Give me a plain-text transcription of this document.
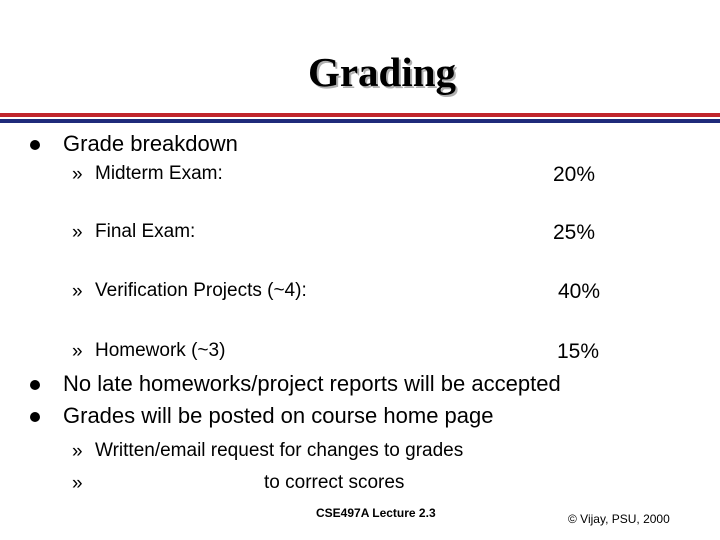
Grading
Grade breakdown
» Midterm Exam:	20%
» Final Exam:	25%
» Verification Projects (~4):	40%
» Homework (~3)	15%
No late homeworks/project reports will be accepted
Grades will be posted on course home page
» Written/email request for changes to grades
»	to correct scores
CSE497A Lecture 2.3	© Vijay, PSU, 2000
